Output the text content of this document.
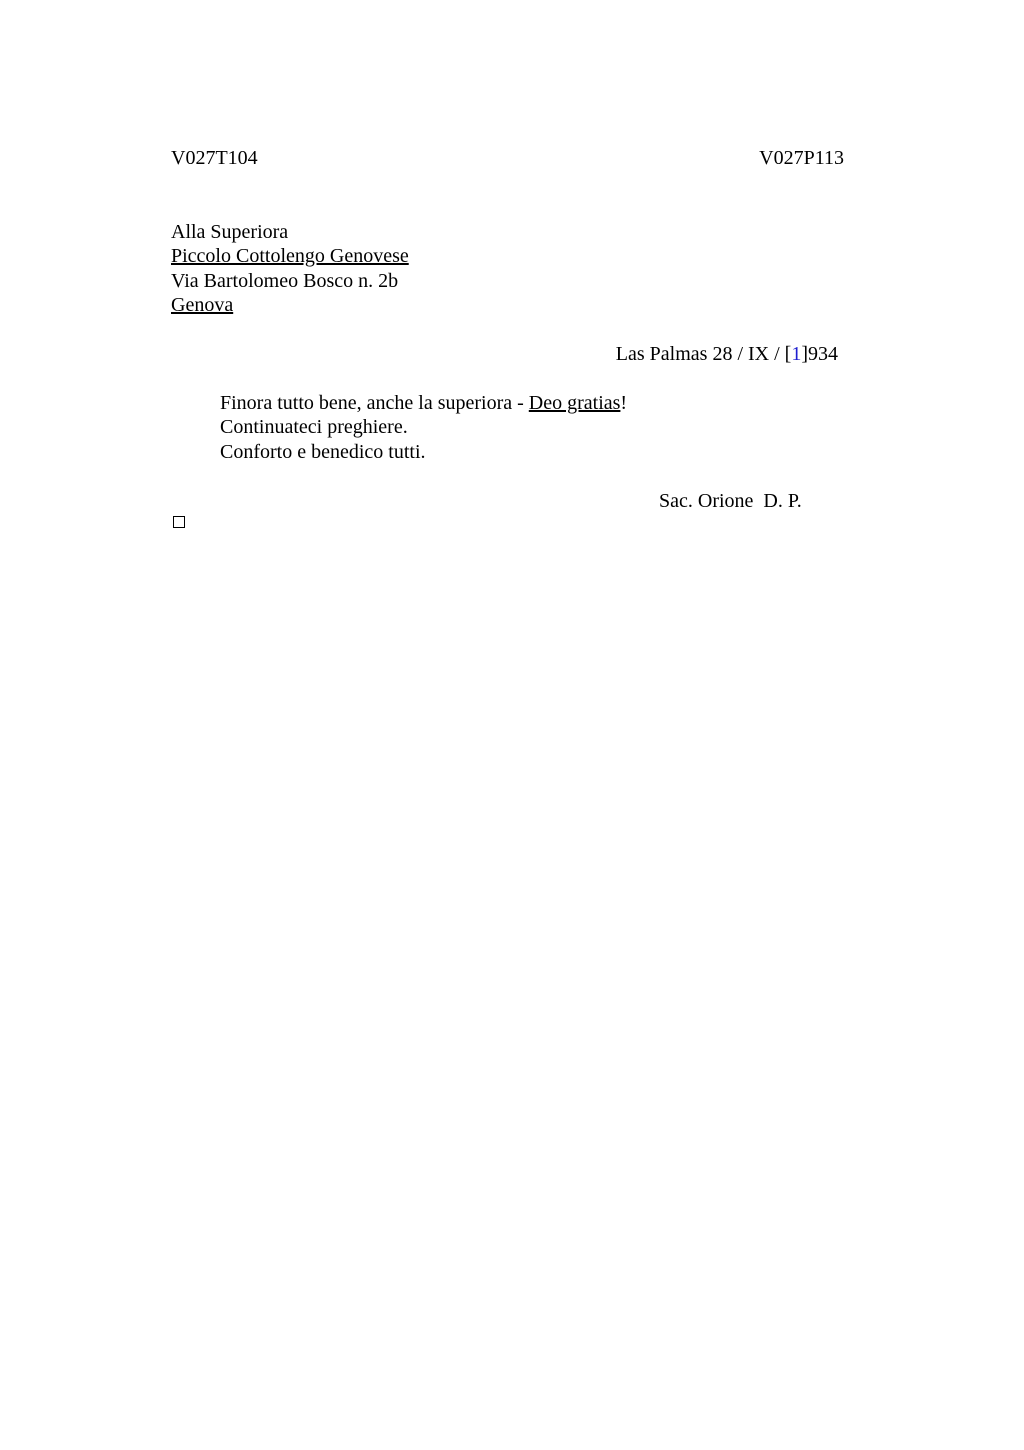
V027T104	V027P113
Alla Superiora
Piccolo Cottolengo Genovese
Via Bartolomeo Bosco n. 2b
Genova
Las Palmas 28 / IX / [1]934
Finora tutto bene, anche la superiora - Deo gratias!
Continuateci preghiere.
Conforto e benedico tutti.
Sac. Orione  D. P.
